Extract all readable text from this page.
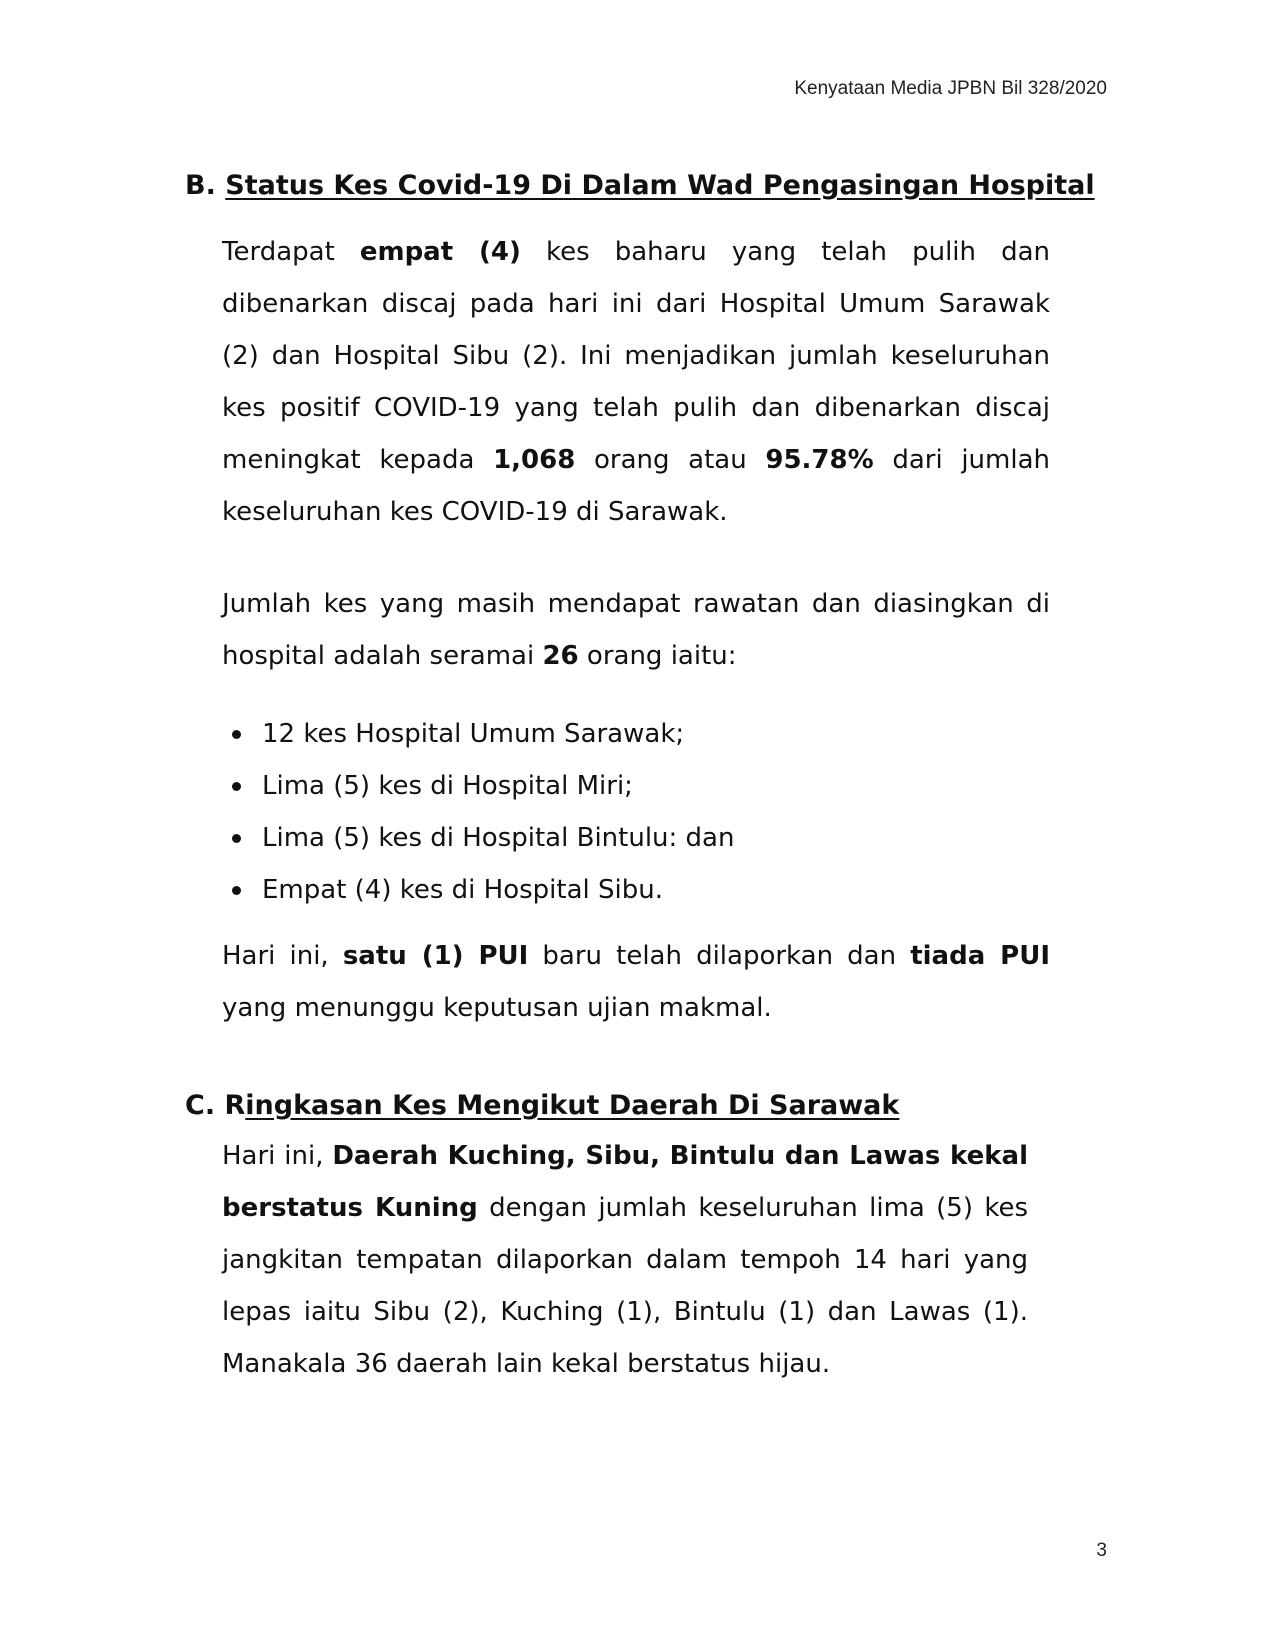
Kenyataan Media JPBN Bil 328/2020
B. Status Kes Covid-19 Di Dalam Wad Pengasingan Hospital
Terdapat empat (4) kes baharu yang telah pulih dan dibenarkan discaj pada hari ini dari Hospital Umum Sarawak (2) dan Hospital Sibu (2). Ini menjadikan jumlah keseluruhan kes positif COVID-19 yang telah pulih dan dibenarkan discaj meningkat kepada 1,068 orang atau 95.78% dari jumlah keseluruhan kes COVID-19 di Sarawak.
Jumlah kes yang masih mendapat rawatan dan diasingkan di hospital adalah seramai 26 orang iaitu:
12 kes Hospital Umum Sarawak;
Lima (5) kes di Hospital Miri;
Lima (5) kes di Hospital Bintulu: dan
Empat (4) kes di Hospital Sibu.
Hari ini, satu (1) PUI baru telah dilaporkan dan tiada PUI yang menunggu keputusan ujian makmal.
C. Ringkasan Kes Mengikut Daerah Di Sarawak
Hari ini, Daerah Kuching, Sibu, Bintulu dan Lawas kekal berstatus Kuning dengan jumlah keseluruhan lima (5) kes jangkitan tempatan dilaporkan dalam tempoh 14 hari yang lepas iaitu Sibu (2), Kuching (1), Bintulu (1) dan Lawas (1). Manakala 36 daerah lain kekal berstatus hijau.
3
